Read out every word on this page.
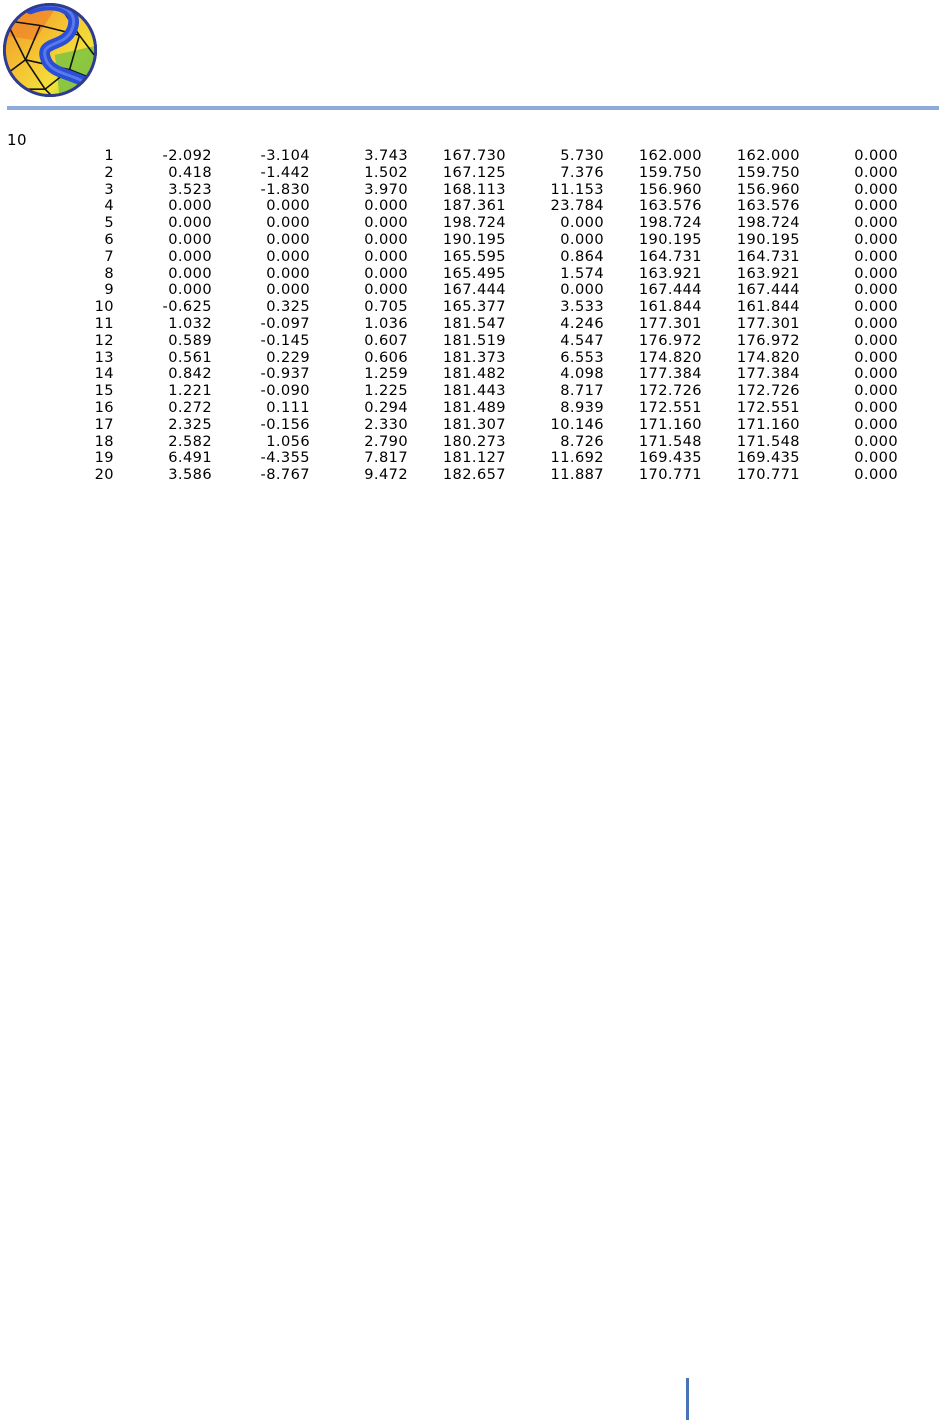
10
1	-2.092	-3.104	3.743 167.730	5.730 162.000 162.000	0.000
2	0.418	-1.442	1.502 167.125	7.376 159.750 159.750	0.000
3	3.523	-1.830	3.970 168.113	11.153 156.960 156.960	0.000
4	0.000	0.000	0.000 187.361	23.784 163.576 163.576	0.000
5	0.000	0.000	0.000 198.724	0.000 198.724 198.724	0.000
6	0.000	0.000	0.000 190.195	0.000 190.195 190.195	0.000
7	0.000	0.000	0.000 165.595	0.864 164.731 164.731	0.000
8	0.000	0.000	0.000 165.495	1.574 163.921 163.921	0.000
9	0.000	0.000	0.000 167.444	0.000 167.444 167.444	0.000
10	-0.625	0.325	0.705 165.377	3.533 161.844 161.844	0.000
11	1.032	-0.097	1.036 181.547	4.246 177.301 177.301	0.000
12	0.589	-0.145	0.607 181.519	4.547 176.972 176.972	0.000
13	0.561	0.229	0.606 181.373	6.553 174.820 174.820	0.000
14	0.842	-0.937	1.259 181.482	4.098 177.384 177.384	0.000
15	1.221	-0.090	1.225 181.443	8.717 172.726 172.726	0.000
16	0.272	0.111	0.294 181.489	8.939 172.551 172.551	0.000
17	2.325	-0.156	2.330 181.307	10.146 171.160 171.160	0.000
18	2.582	1.056	2.790 180.273	8.726 171.548 171.548	0.000
19	6.491	-4.355	7.817 181.127	11.692 169.435 169.435	0.000
20	3.586	-8.767	9.472 182.657	11.887 170.771 170.771	0.000
